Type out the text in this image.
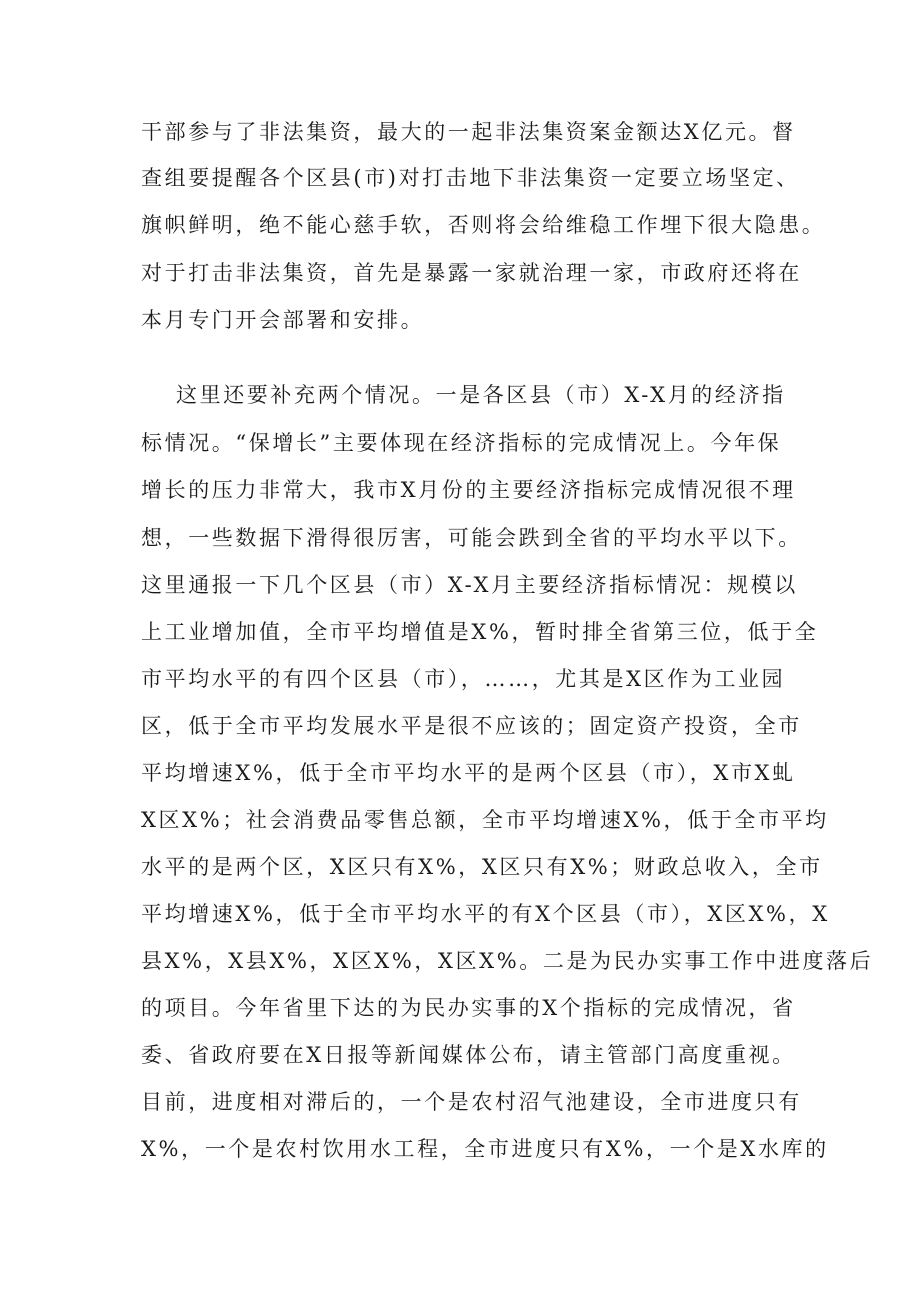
干部参与了非法集资，最大的一起非法集资案金额达X亿元。督
查组要提醒各个区县(市)对打击地下非法集资一定要立场坚定、
旗帜鲜明，绝不能心慈手软，否则将会给维稳工作埋下很大隐患。
对于打击非法集资，首先是暴露一家就治理一家，市政府还将在
本月专门开会部署和安排。
这里还要补充两个情况。一是各区县（市）X-X月的经济指
标情况。“保增长”主要体现在经济指标的完成情况上。今年保
增长的压力非常大，我市X月份的主要经济指标完成情况很不理
想，一些数据下滑得很厉害，可能会跌到全省的平均水平以下。
这里通报一下几个区县（市）X-X月主要经济指标情况：规模以
上工业增加值，全市平均增值是X%，暂时排全省第三位，低于全
市平均水平的有四个区县（市），……，尤其是X区作为工业园
区，低于全市平均发展水平是很不应该的；固定资产投资，全市
平均增速X%，低于全市平均水平的是两个区县（市），X市X虬
X区X%；社会消费品零售总额，全市平均增速X%，低于全市平均
水平的是两个区，X区只有X%，X区只有X%；财政总收入，全市
平均增速X%，低于全市平均水平的有X个区县（市），X区X%，X
县X%，X县X%，X区X%，X区X%。二是为民办实事工作中进度落后
的项目。今年省里下达的为民办实事的X个指标的完成情况，省
委、省政府要在X日报等新闻媒体公布，请主管部门高度重视。
目前，进度相对滞后的，一个是农村沼气池建设，全市进度只有
X%，一个是农村饮用水工程，全市进度只有X%，一个是X水库的
